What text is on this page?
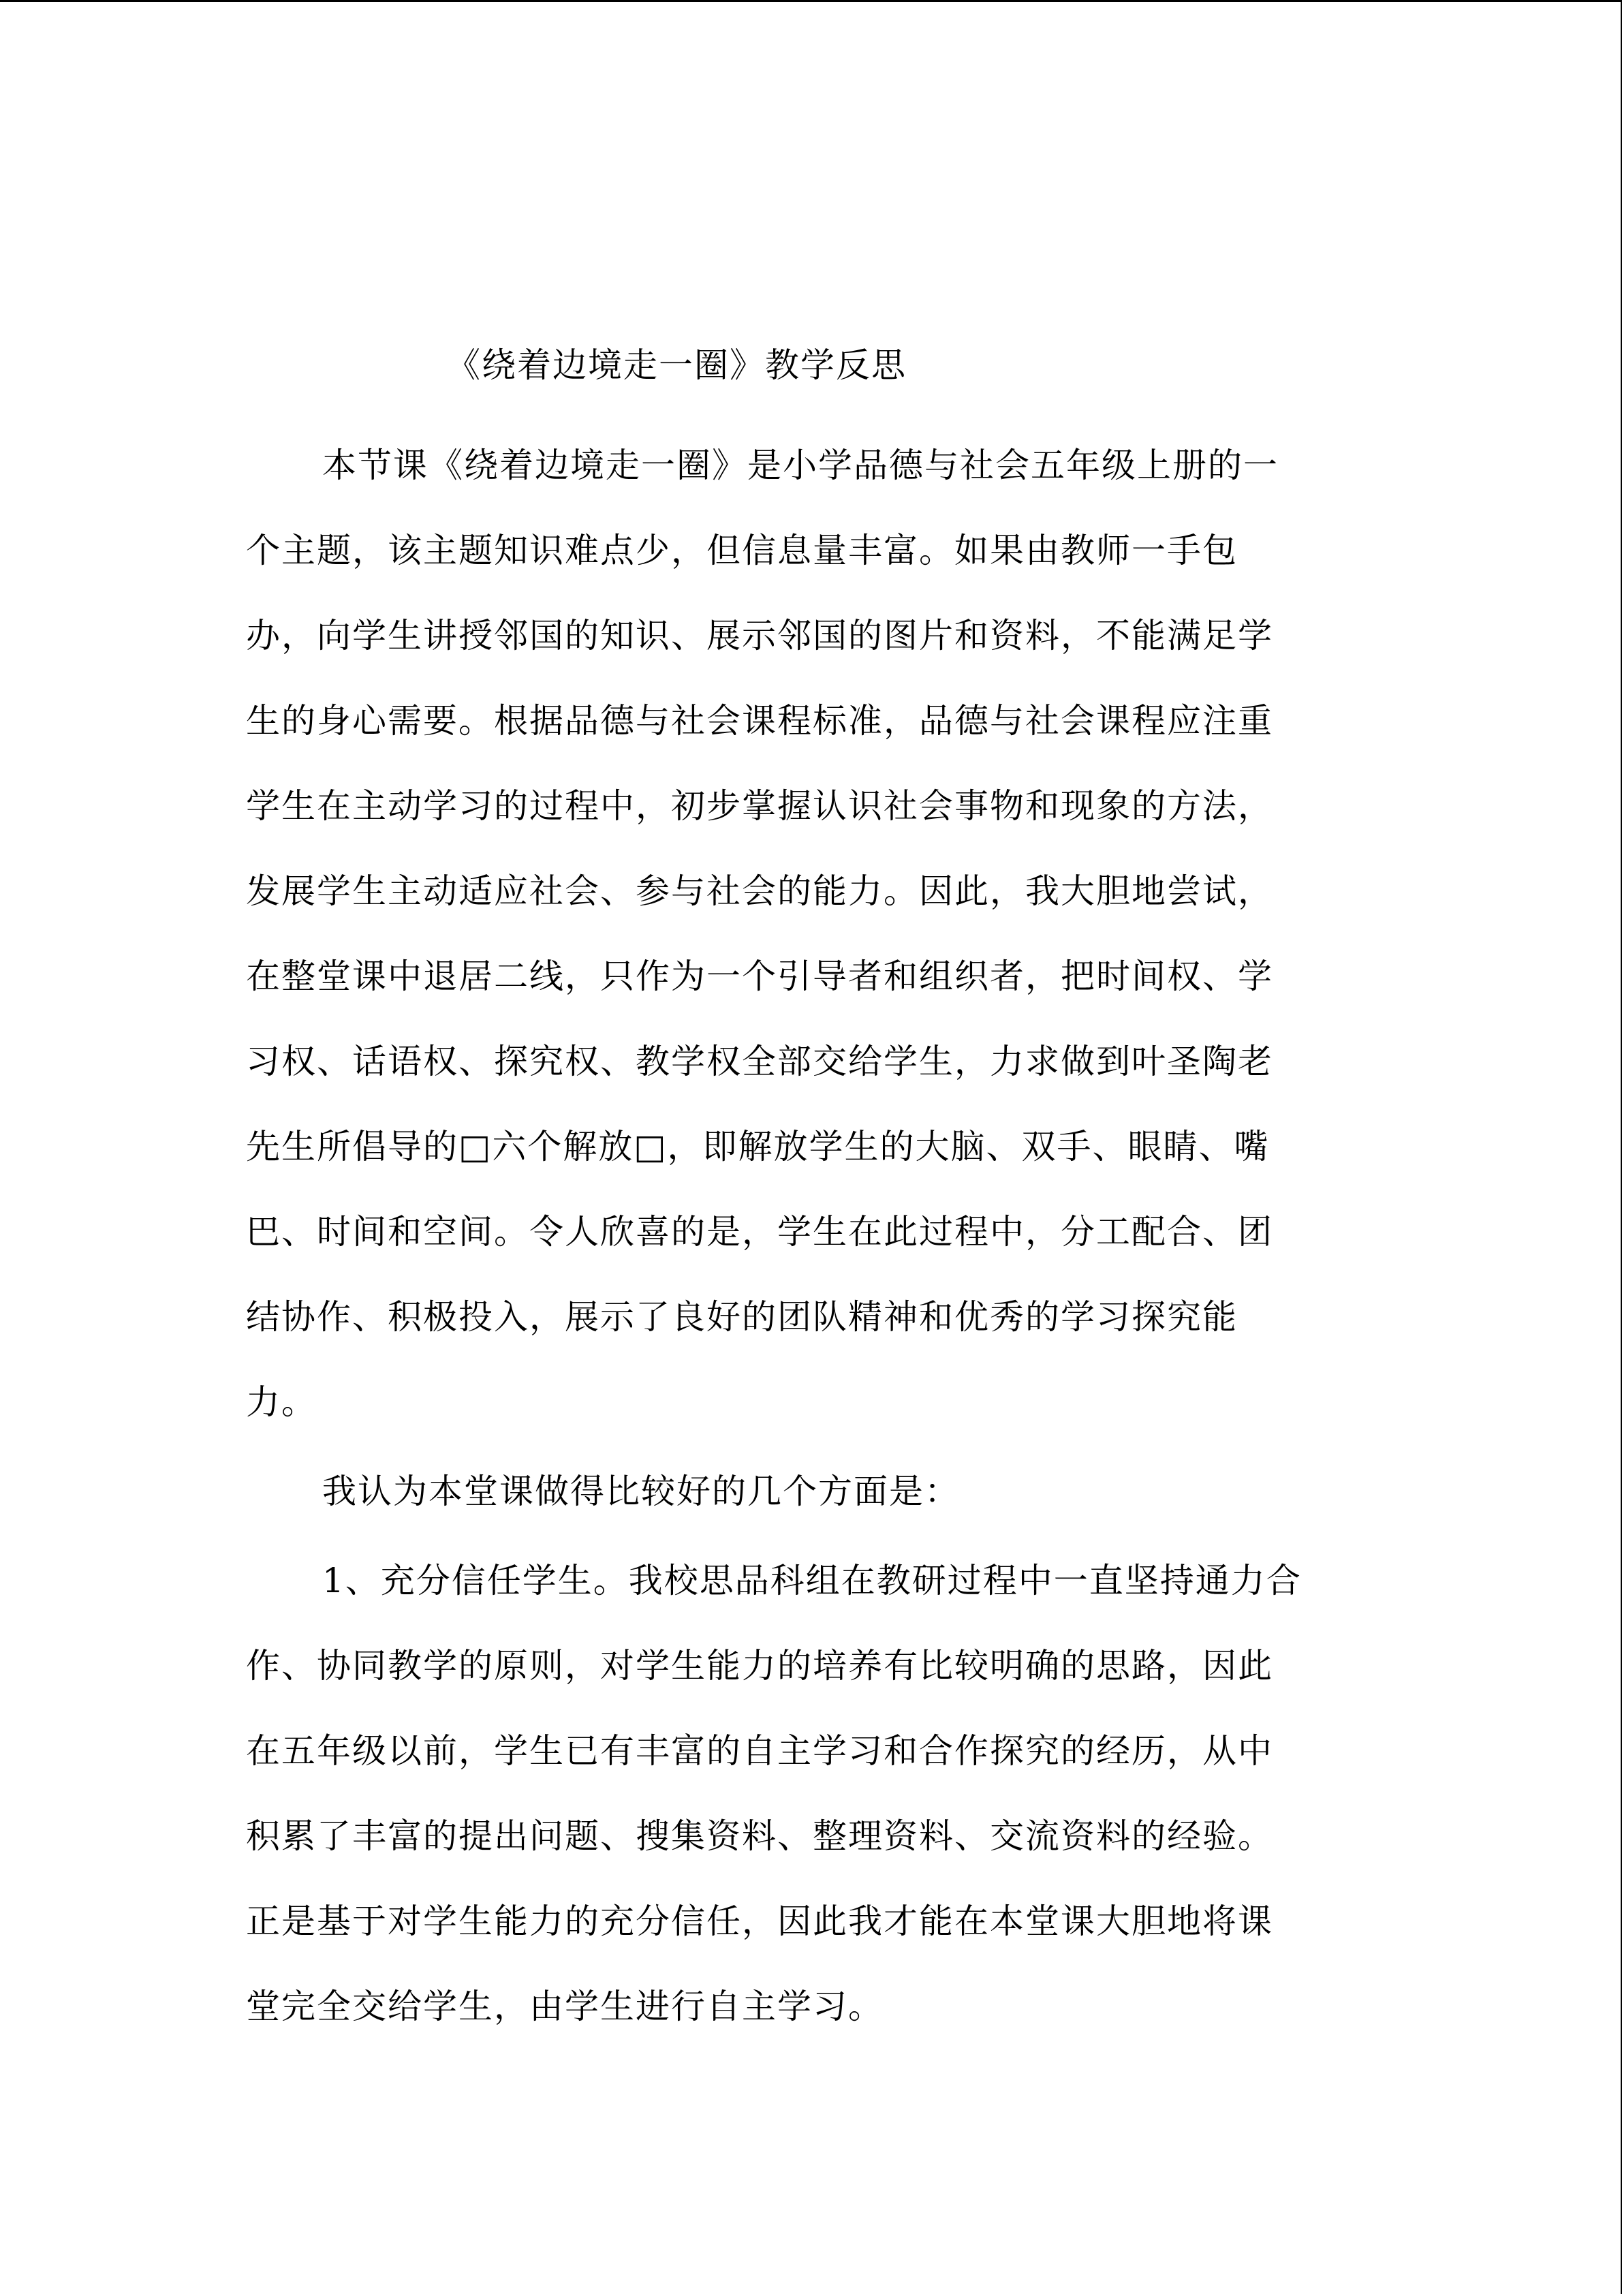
《绕着边境走一圈》教学反思

本节课《绕着边境走一圈》是小学品德与社会五年级上册的一
个主题，该主题知识难点少，但信息量丰富。如果由教师一手包
办，向学生讲授邻国的知识、展示邻国的图片和资料，不能满足学
生的身心需要。根据品德与社会课程标准，品德与社会课程应注重
学生在主动学习的过程中，初步掌握认识社会事物和现象的方法，
发展学生主动适应社会、参与社会的能力。因此，我大胆地尝试，
在整堂课中退居二线，只作为一个引导者和组织者，把时间权、学
习权、话语权、探究权、教学权全部交给学生，力求做到叶圣陶老
先生所倡导的□六个解放□，即解放学生的大脑、双手、眼睛、嘴
巴、时间和空间。令人欣喜的是，学生在此过程中，分工配合、团
结协作、积极投入，展示了良好的团队精神和优秀的学习探究能
力。

我认为本堂课做得比较好的几个方面是：

1、充分信任学生。我校思品科组在教研过程中一直坚持通力合
作、协同教学的原则，对学生能力的培养有比较明确的思路，因此
在五年级以前，学生已有丰富的自主学习和合作探究的经历，从中
积累了丰富的提出问题、搜集资料、整理资料、交流资料的经验。
正是基于对学生能力的充分信任，因此我才能在本堂课大胆地将课
堂完全交给学生，由学生进行自主学习。
